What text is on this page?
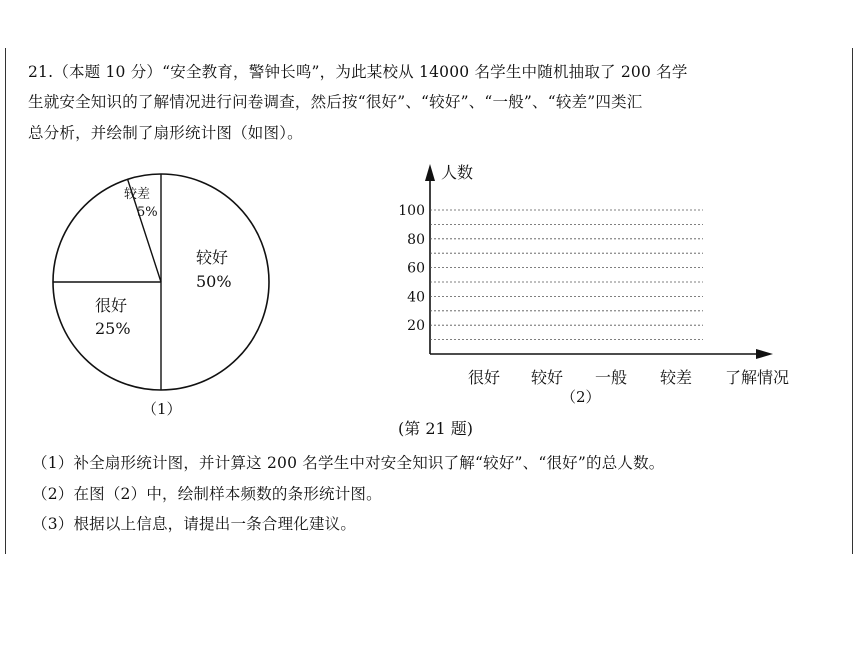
21.（本题 10 分）“安全教育，警钟长鸣”，为此某校从 14000 名学生中随机抽取了 200 名学
生就安全知识的了解情况进行问卷调查，然后按“很好”、“较好”、“一般”、“较差”四类汇
总分析，并绘制了扇形统计图（如图）。
较好
50%
较差
5%
很好
25%
（1）
人数
了解情况
20
40
60
80
100
很好 较好 一般 较差
（2）
(第 21 题)
（1）补全扇形统计图，并计算这 200 名学生中对安全知识了解“较好”、“很好”的总人数。
（2）在图（2）中，绘制样本频数的条形统计图。
（3）根据以上信息，请提出一条合理化建议。
